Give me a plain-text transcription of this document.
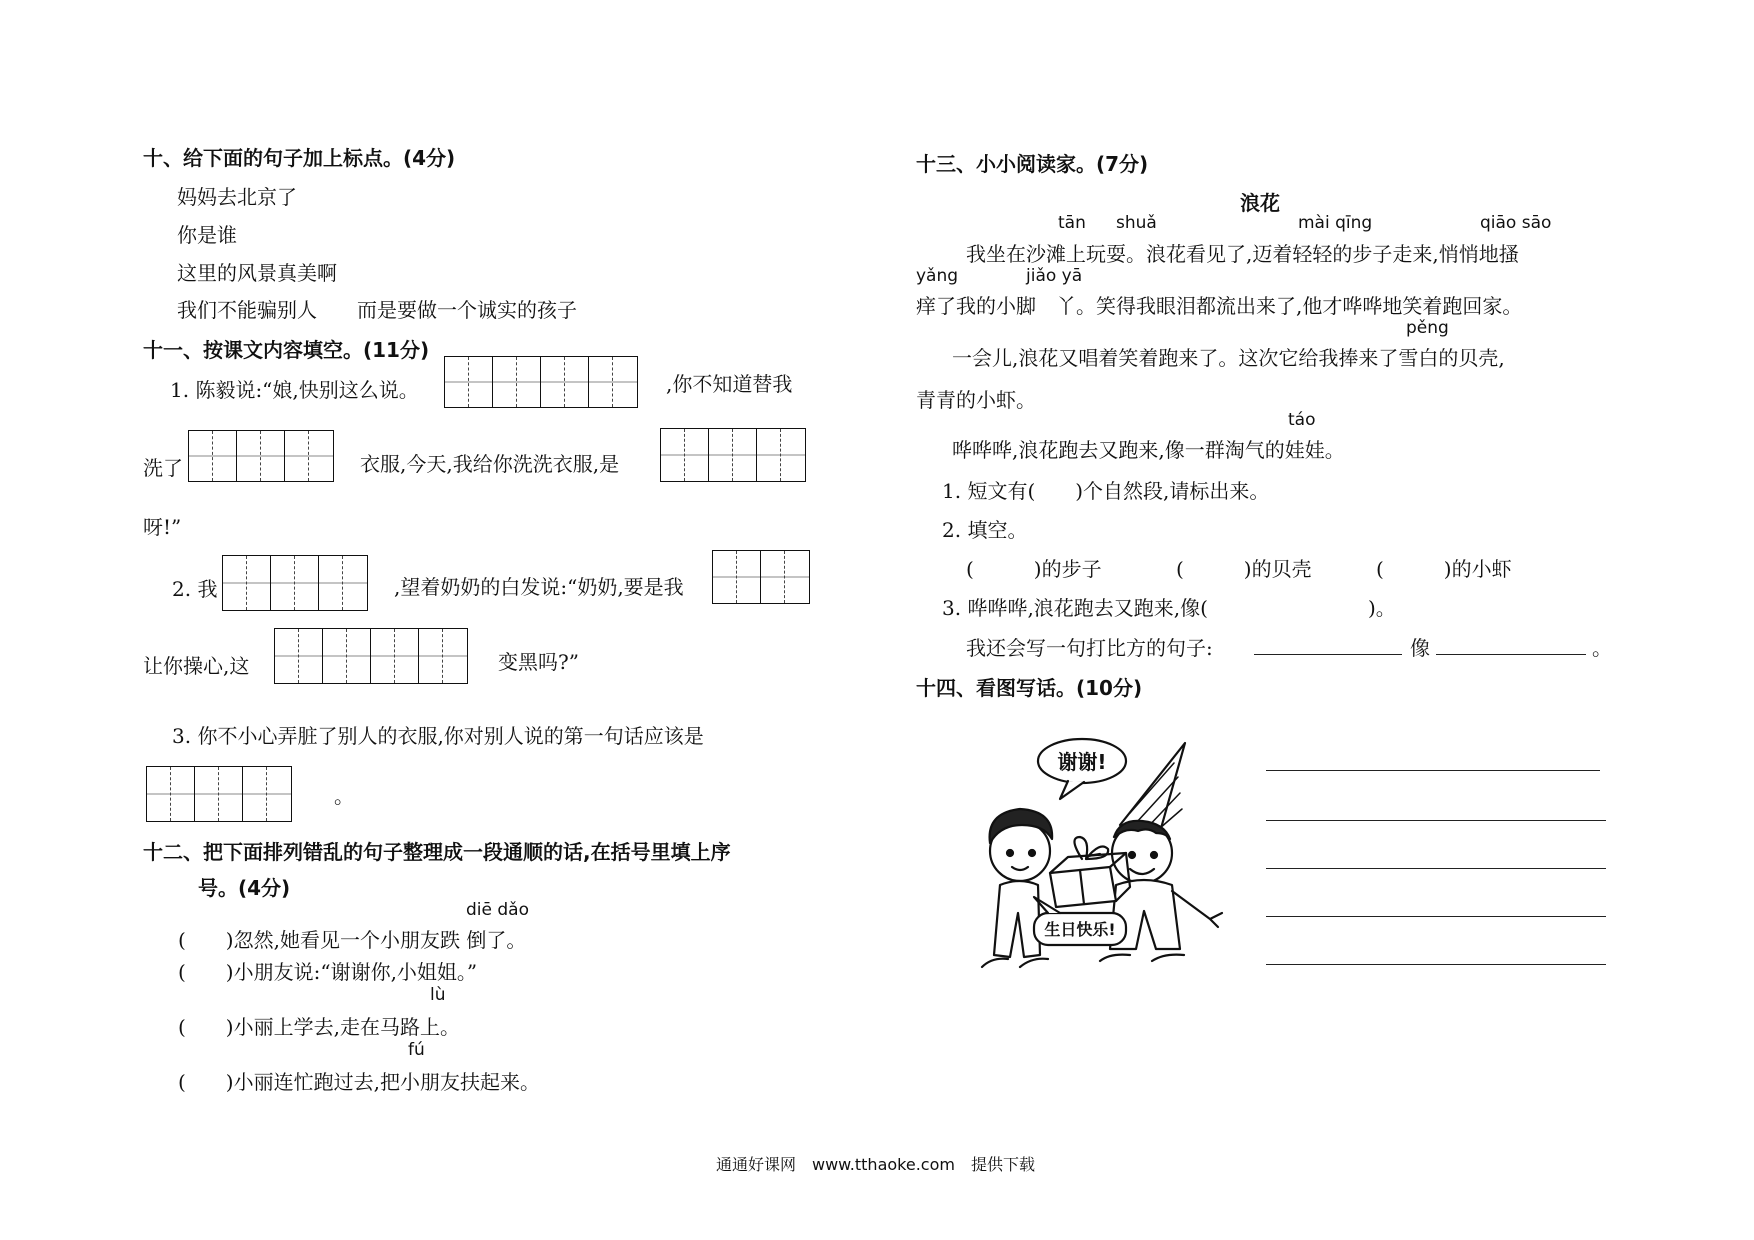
十、给下面的句子加上标点。(4分)
妈妈去北京了
你是谁
这里的风景真美啊
我们不能骗别人　　而是要做一个诚实的孩子
十一、按课文内容填空。(11分)
1. 陈毅说:“娘,快别这么说。	,你不知道替我
洗了	衣服,今天,我给你洗洗衣服,是
呀!”
2. 我	,望着奶奶的白发说:“奶奶,要是我
让你操心,这	变黑吗?”
3. 你不小心弄脏了别人的衣服,你对别人说的第一句话应该是
。
十二、把下面排列错乱的句子整理成一段通顺的话,在括号里填上序
号。(4分)
diē dǎo
(　　)忽然,她看见一个小朋友跌 倒了。
(　　)小朋友说:“谢谢你,小姐姐。”
lù
(　　)小丽上学去,走在马路上。
fú
(　　)小丽连忙跑过去,把小朋友扶起来。
十三、小小阅读家。(7分)
浪花
tān shuǎ	mài qīng	qiāo sāo
我坐在沙滩上玩耍。浪花看见了,迈着轻轻的步子走来,悄悄地搔
yǎng	jiǎo yā
痒了我的小脚　丫。笑得我眼泪都流出来了,他才哗哗地笑着跑回家。
pěng
一会儿,浪花又唱着笑着跑来了。这次它给我捧来了雪白的贝壳,
青青的小虾。
táo
哗哗哗,浪花跑去又跑来,像一群淘气的娃娃。
1. 短文有(　　)个自然段,请标出来。
2. 填空。
(　　　)的步子	(　　　)的贝壳	(　　　)的小虾
3. 哗哗哗,浪花跑去又跑来,像(　　　　　　　　)。
我还会写一句打比方的句子:	像	。
十四、看图写话。(10分)
谢谢!
生日快乐!
通通好课网　www.tthaoke.com　提供下载
